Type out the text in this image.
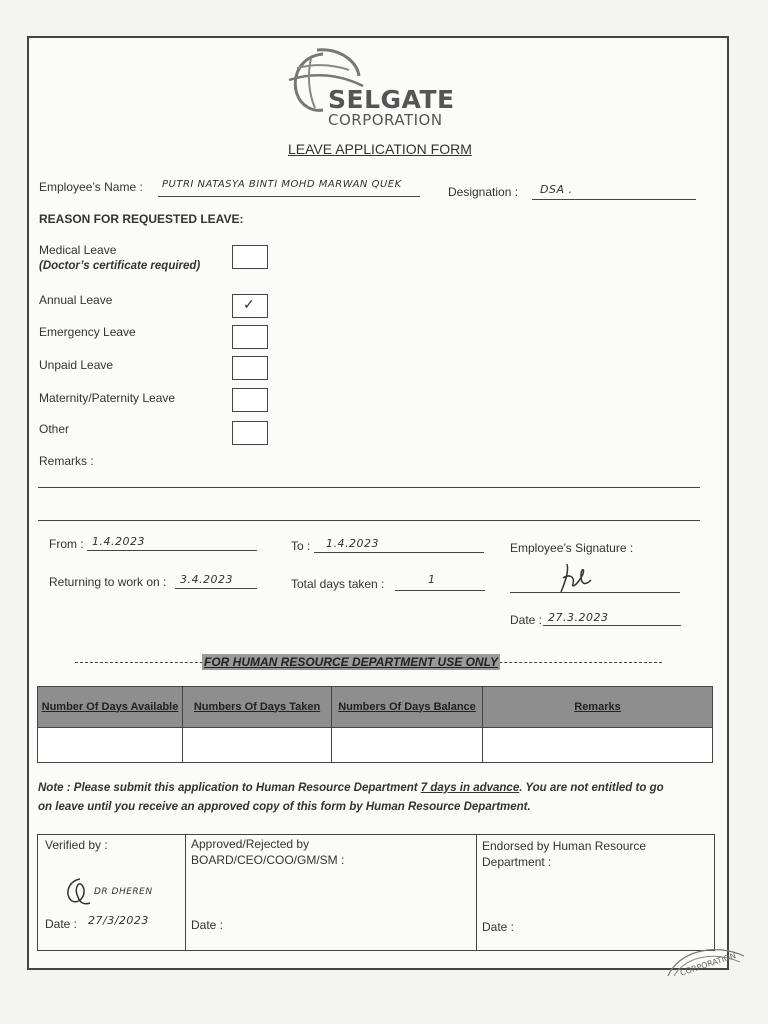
SELGATE
CORPORATION
LEAVE APPLICATION FORM
Employee’s Name : PUTRI NATASYA BINTI MOHD MARWAN QUEK
Designation : DSA .
REASON FOR REQUESTED LEAVE:
Medical Leave
(Doctor’s certificate required)
Annual Leave	✓
Emergency Leave
Unpaid Leave
Maternity/Paternity Leave
Other
Remarks :
From : 1.4.2023	To : 1.4.2023	Employee’s Signature :
Returning to work on : 3.4.2023	Total days taken :	1
Date : 27.3.2023
FOR HUMAN RESOURCE DEPARTMENT USE ONLY
Number Of Days Available	Numbers Of Days Taken	Numbers Of Days Balance	Remarks

Note : Please submit this application to Human Resource Department 7 days in advance. You are not entitled to go on leave until you receive an approved copy of this form by Human Resource Department.
Verified by :
DR DHEREN
Date : 27/3/2023
Approved/Rejected by BOARD/CEO/COO/GM/SM :
Date :
Endorsed by Human Resource Department :
Date :
CORPORATION
